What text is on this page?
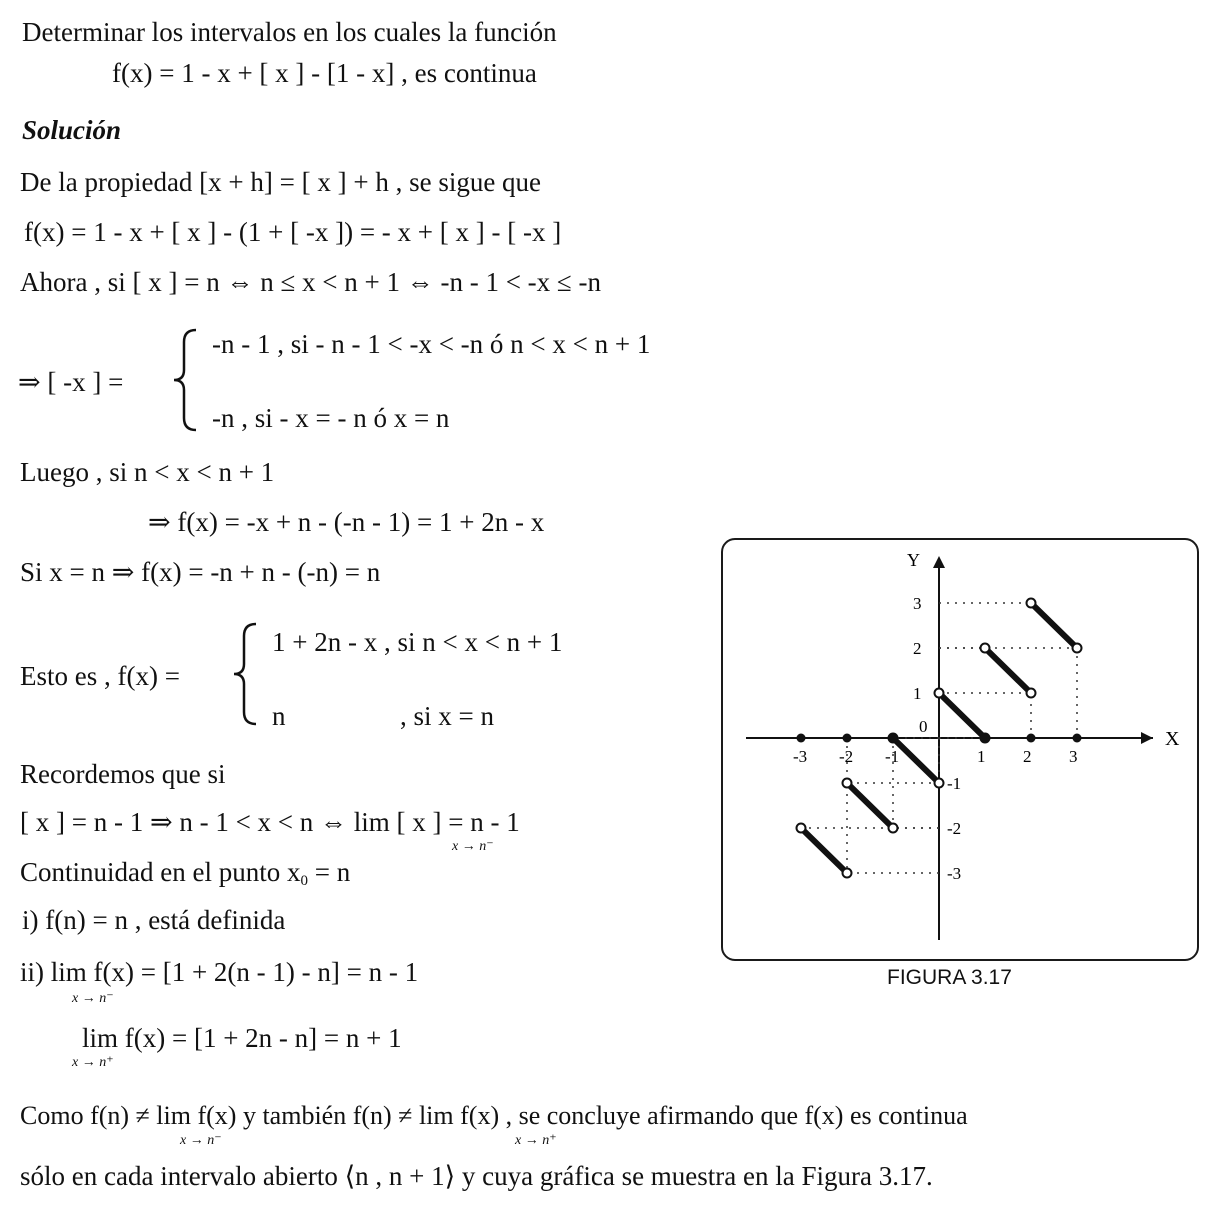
Determinar los intervalos en los cuales la función
f(x) = 1 - x + [ x ] - [1 - x] , es continua
Solución
De la propiedad [x + h] = [ x ] + h , se sigue que
f(x) = 1 - x + [ x ] - (1 + [ -x ]) = - x + [ x ] - [ -x ]
Ahora , si [ x ] = n ⇔ n ≤ x < n + 1 ⇔ -n - 1 < -x ≤ -n
⇒ [ -x ] =
-n - 1 , si - n - 1 < -x < -n ó n < x < n + 1
-n , si - x = - n ó x = n
Luego , si n < x < n + 1
⇒ f(x) = -x + n - (-n - 1) = 1 + 2n - x
Si x = n ⇒ f(x) = -n + n - (-n) = n
Esto es , f(x) =
1 + 2n - x , si n < x < n + 1
n	, si x = n
Recordemos que si
[ x ] = n - 1 ⇒ n - 1 < x < n ⇔ lim [ x ] = n - 1
x → n⁻
Continuidad en el punto x0 = n
i) f(n) = n , está definida
ii) lim f(x) = [1 + 2(n - 1) - n] = n - 1
x → n⁻
lim f(x) = [1 + 2n - n] = n + 1
x → n⁺
Como f(n) ≠ lim f(x) y también f(n) ≠ lim f(x) , se concluye afirmando que f(x) es continua
x → n⁻	x → n⁺
sólo en cada intervalo abierto ⟨n , n + 1⟩ y cuya gráfica se muestra en la Figura 3.17.
X
Y
-3 -2 -1
0
1 2 3
3
2
1
-1
-2
-3
FIGURA 3.17
